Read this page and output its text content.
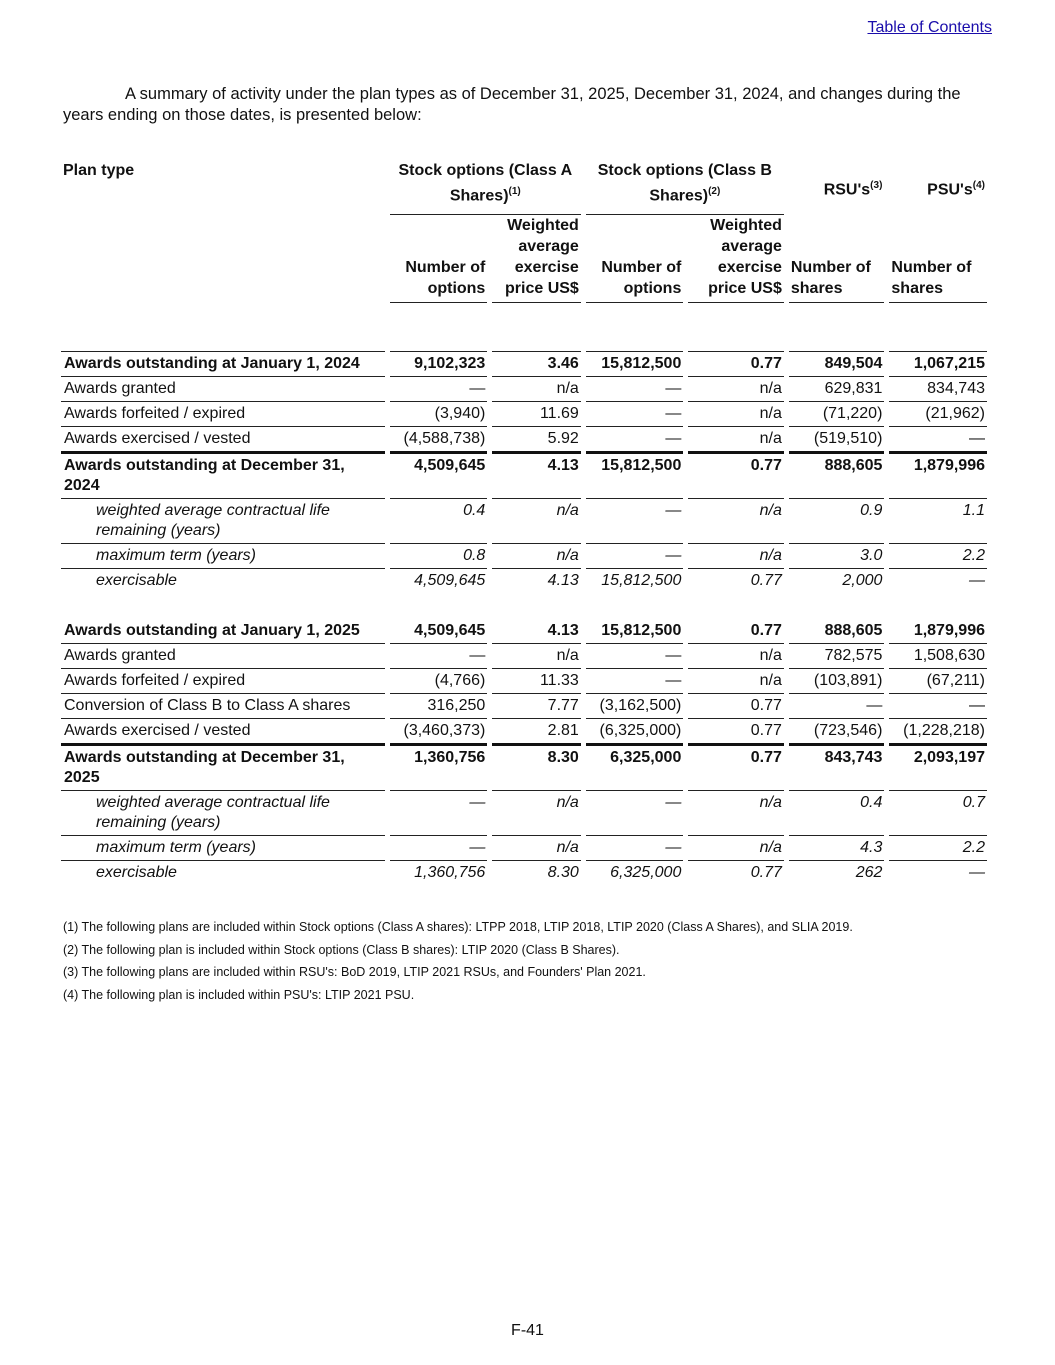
Table of Contents

A summary of activity under the plan types as of December 31, 2025, December 31, 2024, and changes during the years ending on those dates, is presented below:

Plan type	Stock options (Class A Shares)$^{(1)}$		Stock options (Class B Shares)$^{(2)}$		$RSU's^{(3)}$	$PSU's^{(4)}$
	Number of options	Weighted average exercise price US$	Number of options	Weighted average exercise price US$	Number of shares	Number of shares

Awards outstanding at January 1, 2024	9,102,323	3.46	15,812,500	0.77	849,504	1,067,215
Awards granted	—	n/a	—	n/a	629,831	834,743
Awards forfeited / expired	(3,940)	11.69	—	n/a	(71,220)	(21,962)
Awards exercised / vested	(4,588,738)	5.92	—	n/a	(519,510)	—
Awards outstanding at December 31, 2024	4,509,645	4.13	15,812,500	0.77	888,605	1,879,996
weighted average contractual life remaining (years)	0.4	n/a	—	n/a	0.9	1.1
maximum term (years)	0.8	n/a	—	n/a	3.0	2.2
exercisable	4,509,645	4.13	15,812,500	0.77	2,000	—

Awards outstanding at January 1, 2025	4,509,645	4.13	15,812,500	0.77	888,605	1,879,996
Awards granted	—	n/a	—	n/a	782,575	1,508,630
Awards forfeited / expired	(4,766)	11.33	—	n/a	(103,891)	(67,211)
Conversion of Class B to Class A shares	316,250	7.77	(3,162,500)	0.77	—	—
Awards exercised / vested	(3,460,373)	2.81	(6,325,000)	0.77	(723,546)	(1,228,218)
Awards outstanding at December 31, 2025	1,360,756	8.30	6,325,000	0.77	843,743	2,093,197
weighted average contractual life remaining (years)	—	n/a	—	n/a	0.4	0.7
maximum term (years)	—	n/a	—	n/a	4.3	2.2
exercisable	1,360,756	8.30	6,325,000	0.77	262	—
(1) The following plans are included within Stock options (Class A shares): LTPP 2018, LTIP 2018, LTIP 2020 (Class A Shares), and SLIA 2019.
(2) The following plan is included within Stock options (Class B shares): LTIP 2020 (Class B Shares).
(3) The following plans are included within RSU's: BoD 2019, LTIP 2021 RSUs, and Founders' Plan 2021.
(4) The following plan is included within PSU's: LTIP 2021 PSU.
F-41
